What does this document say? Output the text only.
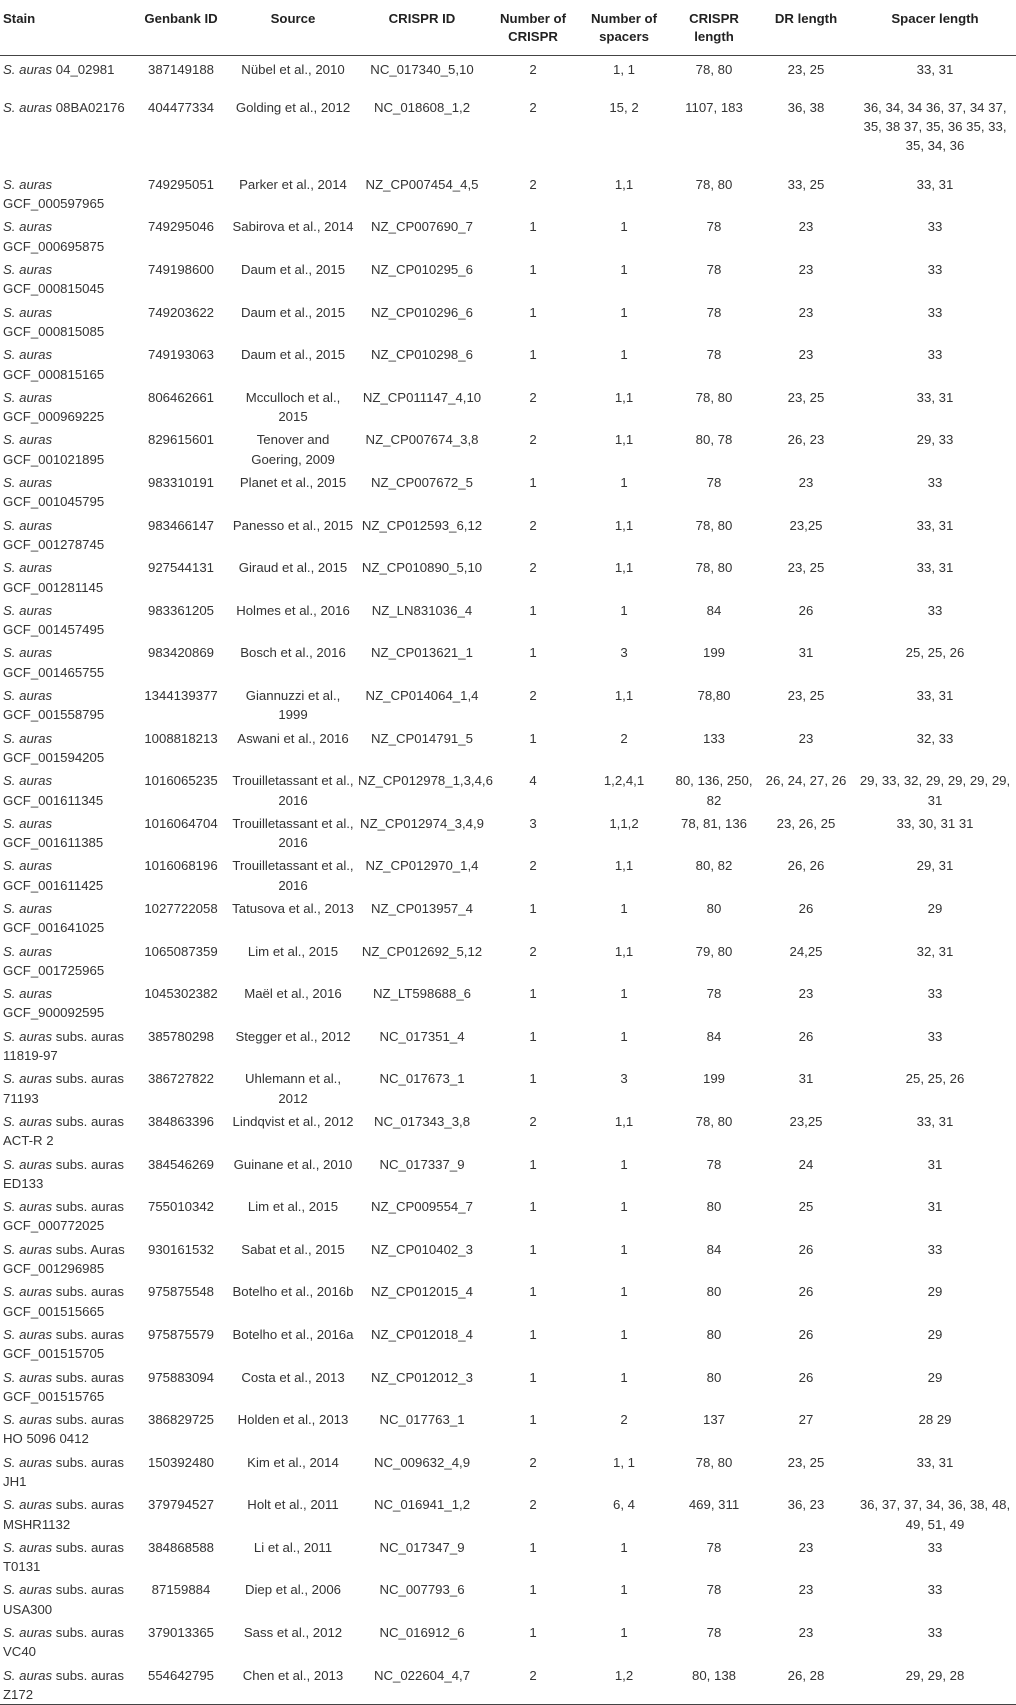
Stain	Genbank ID	Source	CRISPR ID	Number of CRISPR	Number of spacers	CRISPR length	DR length	Spacer length
S. auras 04_02981	387149188	Nübel et al., 2010	NC_017340_5,10	2	1, 1	78, 80	23, 25	33, 31
S. auras 08BA02176	404477334	Golding et al., 2012	NC_018608_1,2	2	15, 2	1107, 183	36, 38	36, 34, 34 36, 37, 34 37, 35, 38 37, 35, 36 35, 33, 35, 34, 36
S. auras GCF_000597965	749295051	Parker et al., 2014	NZ_CP007454_4,5	2	1,1	78, 80	33, 25	33, 31
S. auras GCF_000695875	749295046	Sabirova et al., 2014	NZ_CP007690_7	1	1	78	23	33
S. auras GCF_000815045	749198600	Daum et al., 2015	NZ_CP010295_6	1	1	78	23	33
S. auras GCF_000815085	749203622	Daum et al., 2015	NZ_CP010296_6	1	1	78	23	33
S. auras GCF_000815165	749193063	Daum et al., 2015	NZ_CP010298_6	1	1	78	23	33
S. auras GCF_000969225	806462661	Mcculloch et al., 2015	NZ_CP011147_4,10	2	1,1	78, 80	23, 25	33, 31
S. auras GCF_001021895	829615601	Tenover and Goering, 2009	NZ_CP007674_3,8	2	1,1	80, 78	26, 23	29, 33
S. auras GCF_001045795	983310191	Planet et al., 2015	NZ_CP007672_5	1	1	78	23	33
S. auras GCF_001278745	983466147	Panesso et al., 2015	NZ_CP012593_6,12	2	1,1	78, 80	23,25	33, 31
S. auras GCF_001281145	927544131	Giraud et al., 2015	NZ_CP010890_5,10	2	1,1	78, 80	23, 25	33, 31
S. auras GCF_001457495	983361205	Holmes et al., 2016	NZ_LN831036_4	1	1	84	26	33
S. auras GCF_001465755	983420869	Bosch et al., 2016	NZ_CP013621_1	1	3	199	31	25, 25, 26
S. auras GCF_001558795	1344139377	Giannuzzi et al., 1999	NZ_CP014064_1,4	2	1,1	78,80	23, 25	33, 31
S. auras GCF_001594205	1008818213	Aswani et al., 2016	NZ_CP014791_5	1	2	133	23	32, 33
S. auras GCF_001611345	1016065235	Trouilletassant et al., 2016	NZ_CP012978_1,3,4,6	4	1,2,4,1	80, 136, 250, 82	26, 24, 27, 26	29, 33, 32, 29, 29, 29, 29, 31
S. auras GCF_001611385	1016064704	Trouilletassant et al., 2016	NZ_CP012974_3,4,9	3	1,1,2	78, 81, 136	23, 26, 25	33, 30, 31 31
S. auras GCF_001611425	1016068196	Trouilletassant et al., 2016	NZ_CP012970_1,4	2	1,1	80, 82	26, 26	29, 31
S. auras GCF_001641025	1027722058	Tatusova et al., 2013	NZ_CP013957_4	1	1	80	26	29
S. auras GCF_001725965	1065087359	Lim et al., 2015	NZ_CP012692_5,12	2	1,1	79, 80	24,25	32, 31
S. auras GCF_900092595	1045302382	Maël et al., 2016	NZ_LT598688_6	1	1	78	23	33
S. auras subs. auras 11819-97	385780298	Stegger et al., 2012	NC_017351_4	1	1	84	26	33
S. auras subs. auras 71193	386727822	Uhlemann et al., 2012	NC_017673_1	1	3	199	31	25, 25, 26
S. auras subs. auras ACT-R 2	384863396	Lindqvist et al., 2012	NC_017343_3,8	2	1,1	78, 80	23,25	33, 31
S. auras subs. auras ED133	384546269	Guinane et al., 2010	NC_017337_9	1	1	78	24	31
S. auras subs. auras GCF_000772025	755010342	Lim et al., 2015	NZ_CP009554_7	1	1	80	25	31
S. auras subs. Auras GCF_001296985	930161532	Sabat et al., 2015	NZ_CP010402_3	1	1	84	26	33
S. auras subs. auras GCF_001515665	975875548	Botelho et al., 2016b	NZ_CP012015_4	1	1	80	26	29
S. auras subs. auras GCF_001515705	975875579	Botelho et al., 2016a	NZ_CP012018_4	1	1	80	26	29
S. auras subs. auras GCF_001515765	975883094	Costa et al., 2013	NZ_CP012012_3	1	1	80	26	29
S. auras subs. auras HO 5096 0412	386829725	Holden et al., 2013	NC_017763_1	1	2	137	27	28 29
S. auras subs. auras JH1	150392480	Kim et al., 2014	NC_009632_4,9	2	1, 1	78, 80	23, 25	33, 31
S. auras subs. auras MSHR1132	379794527	Holt et al., 2011	NC_016941_1,2	2	6, 4	469, 311	36, 23	36, 37, 37, 34, 36, 38, 48, 49, 51, 49
S. auras subs. auras T0131	384868588	Li et al., 2011	NC_017347_9	1	1	78	23	33
S. auras subs. auras USA300	87159884	Diep et al., 2006	NC_007793_6	1	1	78	23	33
S. auras subs. auras VC40	379013365	Sass et al., 2012	NC_016912_6	1	1	78	23	33
S. auras subs. auras Z172	554642795	Chen et al., 2013	NC_022604_4,7	2	1,2	80, 138	26, 28	29, 29, 28
